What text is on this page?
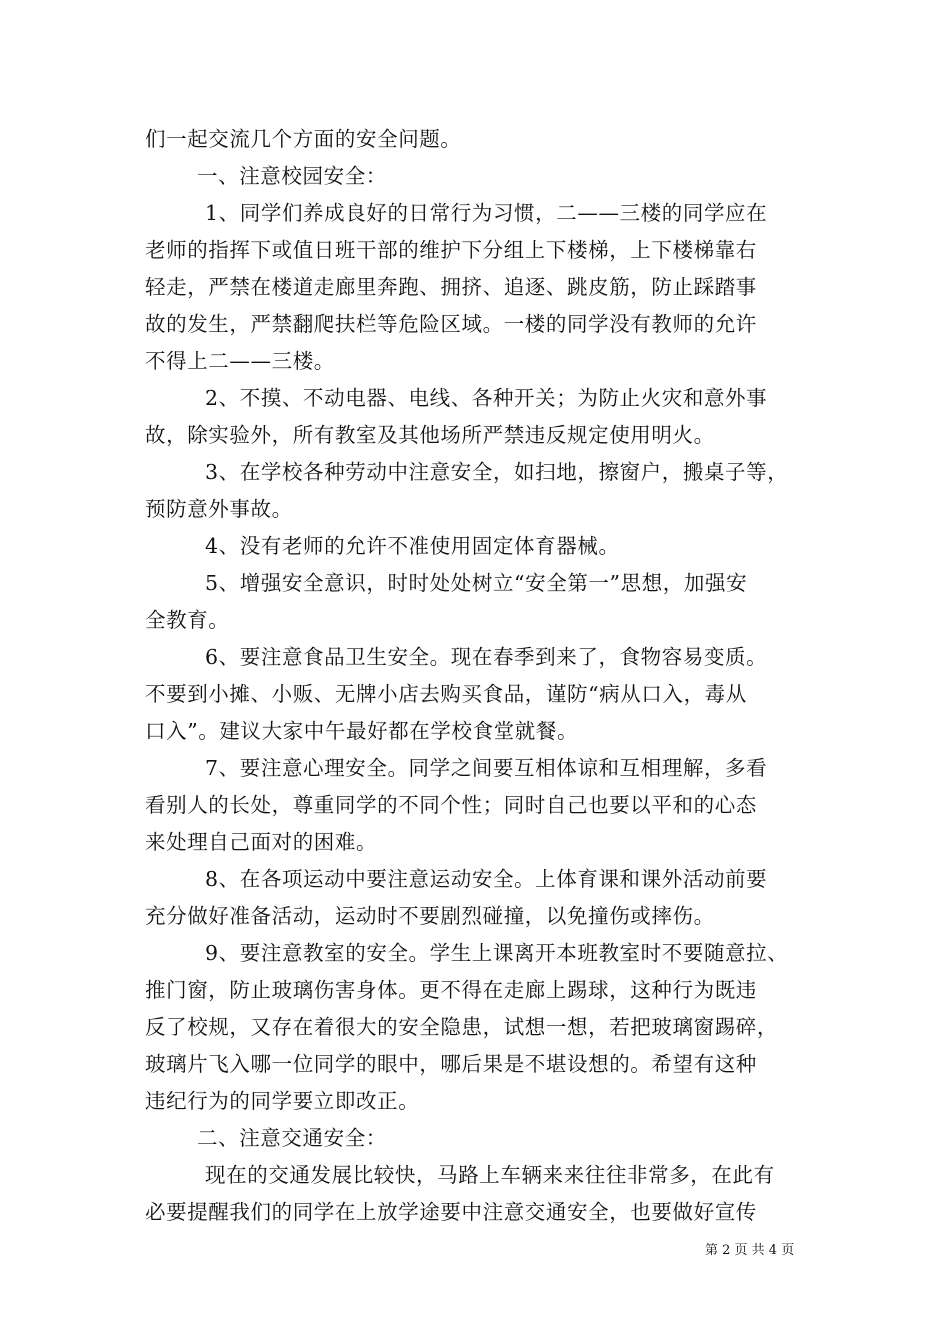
们一起交流几个方面的安全问题。
一、注意校园安全：
1、同学们养成良好的日常行为习惯，二——三楼的同学应在
老师的指挥下或值日班干部的维护下分组上下楼梯，上下楼梯靠右
轻走，严禁在楼道走廊里奔跑、拥挤、追逐、跳皮筋，防止踩踏事
故的发生，严禁翻爬扶栏等危险区域。一楼的同学没有教师的允许
不得上二——三楼。
2、不摸、不动电器、电线、各种开关；为防止火灾和意外事
故，除实验外，所有教室及其他场所严禁违反规定使用明火。
3、在学校各种劳动中注意安全，如扫地，擦窗户，搬桌子等，
预防意外事故。
4、没有老师的允许不准使用固定体育器械。
5、增强安全意识，时时处处树立“安全第一”思想，加强安
全教育。
6、要注意食品卫生安全。现在春季到来了，食物容易变质。
不要到小摊、小贩、无牌小店去购买食品，谨防“病从口入，毒从
口入”。建议大家中午最好都在学校食堂就餐。
7、要注意心理安全。同学之间要互相体谅和互相理解，多看
看别人的长处，尊重同学的不同个性；同时自己也要以平和的心态
来处理自己面对的困难。
8、在各项运动中要注意运动安全。上体育课和课外活动前要
充分做好准备活动，运动时不要剧烈碰撞，以免撞伤或摔伤。
9、要注意教室的安全。学生上课离开本班教室时不要随意拉、
推门窗，防止玻璃伤害身体。更不得在走廊上踢球，这种行为既违
反了校规，又存在着很大的安全隐患，试想一想，若把玻璃窗踢碎，
玻璃片飞入哪一位同学的眼中，哪后果是不堪设想的。希望有这种
违纪行为的同学要立即改正。
二、注意交通安全：
现在的交通发展比较快，马路上车辆来来往往非常多，在此有
必要提醒我们的同学在上放学途要中注意交通安全，也要做好宣传
第 2 页 共 4 页
